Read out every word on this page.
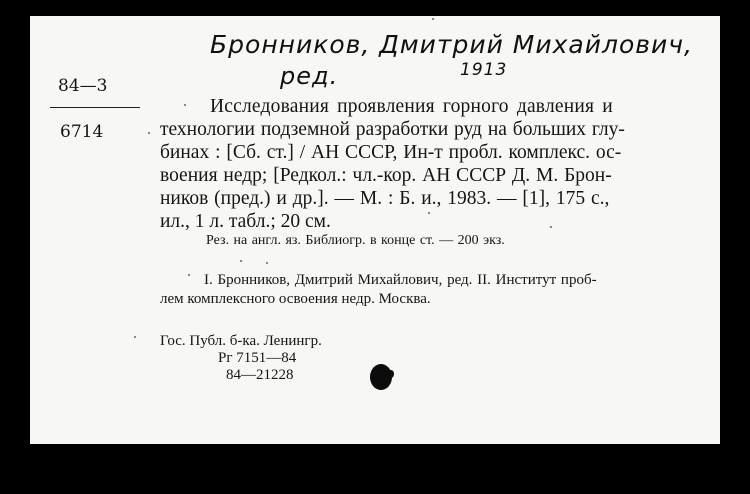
Бронников, Дмитрий Михайлович,
ред.	1913
84—3
6714
Исследования проявления горного давления и
технологии подземной разработки руд на больших глу-
бинах : [Сб. ст.] / АН СССР, Ин-т пробл. комплекс. ос-
воения недр; [Редкол.: чл.-кор. АН СССР Д. М. Брон-
ников (пред.) и др.]. — М. : Б. и., 1983. — [1], 175 с.,
ил., 1 л. табл.; 20 см.
Рез. на англ. яз. Библиогр. в конце ст. — 200 экз.
I. Бронников, Дмитрий Михайлович, ред. II. Институт проб-
лем комплексного освоения недр. Москва.
Гос. Публ. б-ка. Ленингр.
Рг 7151—84
84—21228
